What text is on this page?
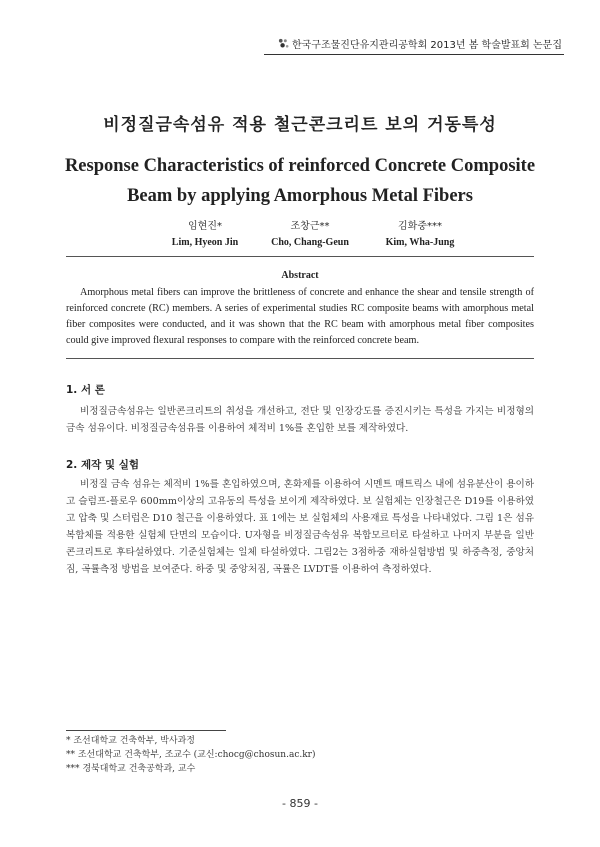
한국구조물진단유지관리공학회 2013년 봄 학술발표회 논문집
비정질금속섬유 적용 철근콘크리트 보의 거동특성
Response Characteristics of reinforced Concrete Composite Beam by applying Amorphous Metal Fibers
임현진*
Lim, Hyeon Jin
조창근**
Cho, Chang-Geun
김화중***
Kim, Wha-Jung
Abstract
Amorphous metal fibers can improve the brittleness of concrete and enhance the shear and tensile strength of reinforced concrete (RC) members. A series of experimental studies RC composite beams with amorphous metal fiber composites were conducted, and it was shown that the RC beam with amorphous metal fiber composites could give improved flexural responses to compare with the reinforced concrete beam.
1. 서 론
비정질금속섬유는 일반콘크리트의 취성을 개선하고, 전단 및 인장강도를 증진시키는 특성을 가지는 비정형의 금속 섬유이다. 비정질금속섬유를 이용하여 체적비 1%를 혼입한 보를 제작하였다.
2. 제작 및 실험
비정질 금속 섬유는 체적비 1%를 혼입하였으며, 혼화제를 이용하여 시멘트 매트릭스 내에 섬유분산이 용이하고 슬럼프-플로우 600mm이상의 고유동의 특성을 보이게 제작하였다. 보 실험체는 인장철근은 D19를 이용하였고 압축 및 스터럽은 D10 철근을 이용하였다. 표 1에는 보 실험체의 사용재료 특성을 나타내었다. 그림 1은 섬유복합체를 적용한 실험체 단면의 모습이다. U자형을 비정질금속섬유 복합모르터로 타설하고 나머지 부분을 일반콘크리트로 후타설하였다. 기준실험체는 일체 타설하였다. 그림2는 3점하중 재하실험방법 및 하중측정, 중앙처짐, 곡률측정 방법을 보여준다. 하중 및 중앙처짐, 곡률은 LVDT를 이용하여 측정하였다.
* 조선대학교 건축학부, 박사과정
** 조선대학교 건축학부, 조교수 (교신:chocg@chosun.ac.kr)
*** 경북대학교 건축공학과, 교수
- 859 -
